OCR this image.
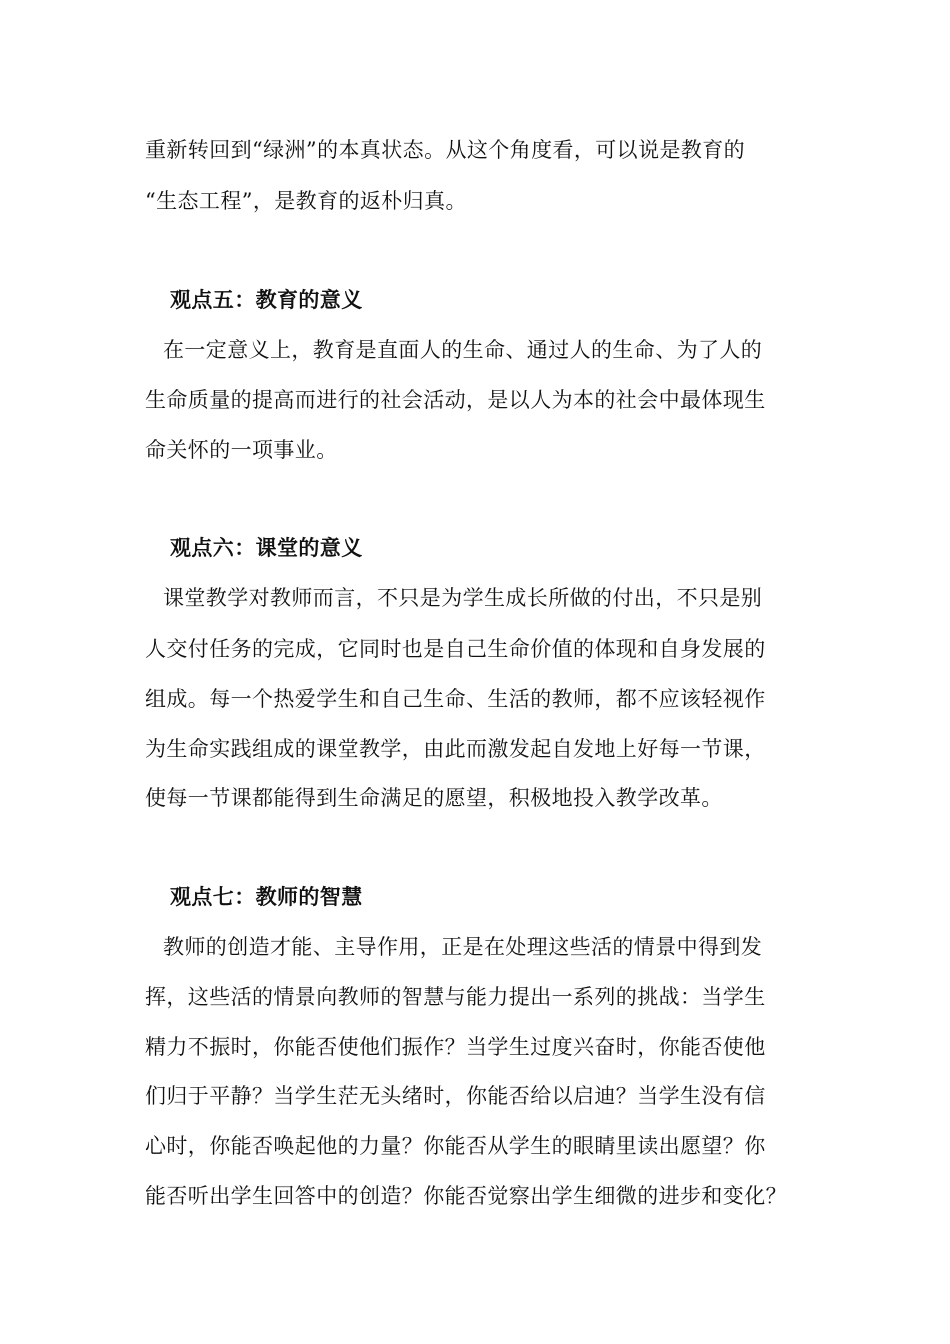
重新转回到“绿洲”的本真状态。从这个角度看，可以说是教育的
“生态工程”，是教育的返朴归真。
观点五：教育的意义
在一定意义上，教育是直面人的生命、通过人的生命、为了人的
生命质量的提高而进行的社会活动，是以人为本的社会中最体现生
命关怀的一项事业。
观点六：课堂的意义
课堂教学对教师而言，不只是为学生成长所做的付出，不只是别
人交付任务的完成，它同时也是自己生命价值的体现和自身发展的
组成。每一个热爱学生和自己生命、生活的教师，都不应该轻视作
为生命实践组成的课堂教学，由此而激发起自发地上好每一节课，
使每一节课都能得到生命满足的愿望，积极地投入教学改革。
观点七：教师的智慧
教师的创造才能、主导作用，正是在处理这些活的情景中得到发
挥，这些活的情景向教师的智慧与能力提出一系列的挑战：当学生
精力不振时，你能否使他们振作？当学生过度兴奋时，你能否使他
们归于平静？当学生茫无头绪时，你能否给以启迪？当学生没有信
心时，你能否唤起他的力量？你能否从学生的眼睛里读出愿望？你
能否听出学生回答中的创造？你能否觉察出学生细微的进步和变化？
